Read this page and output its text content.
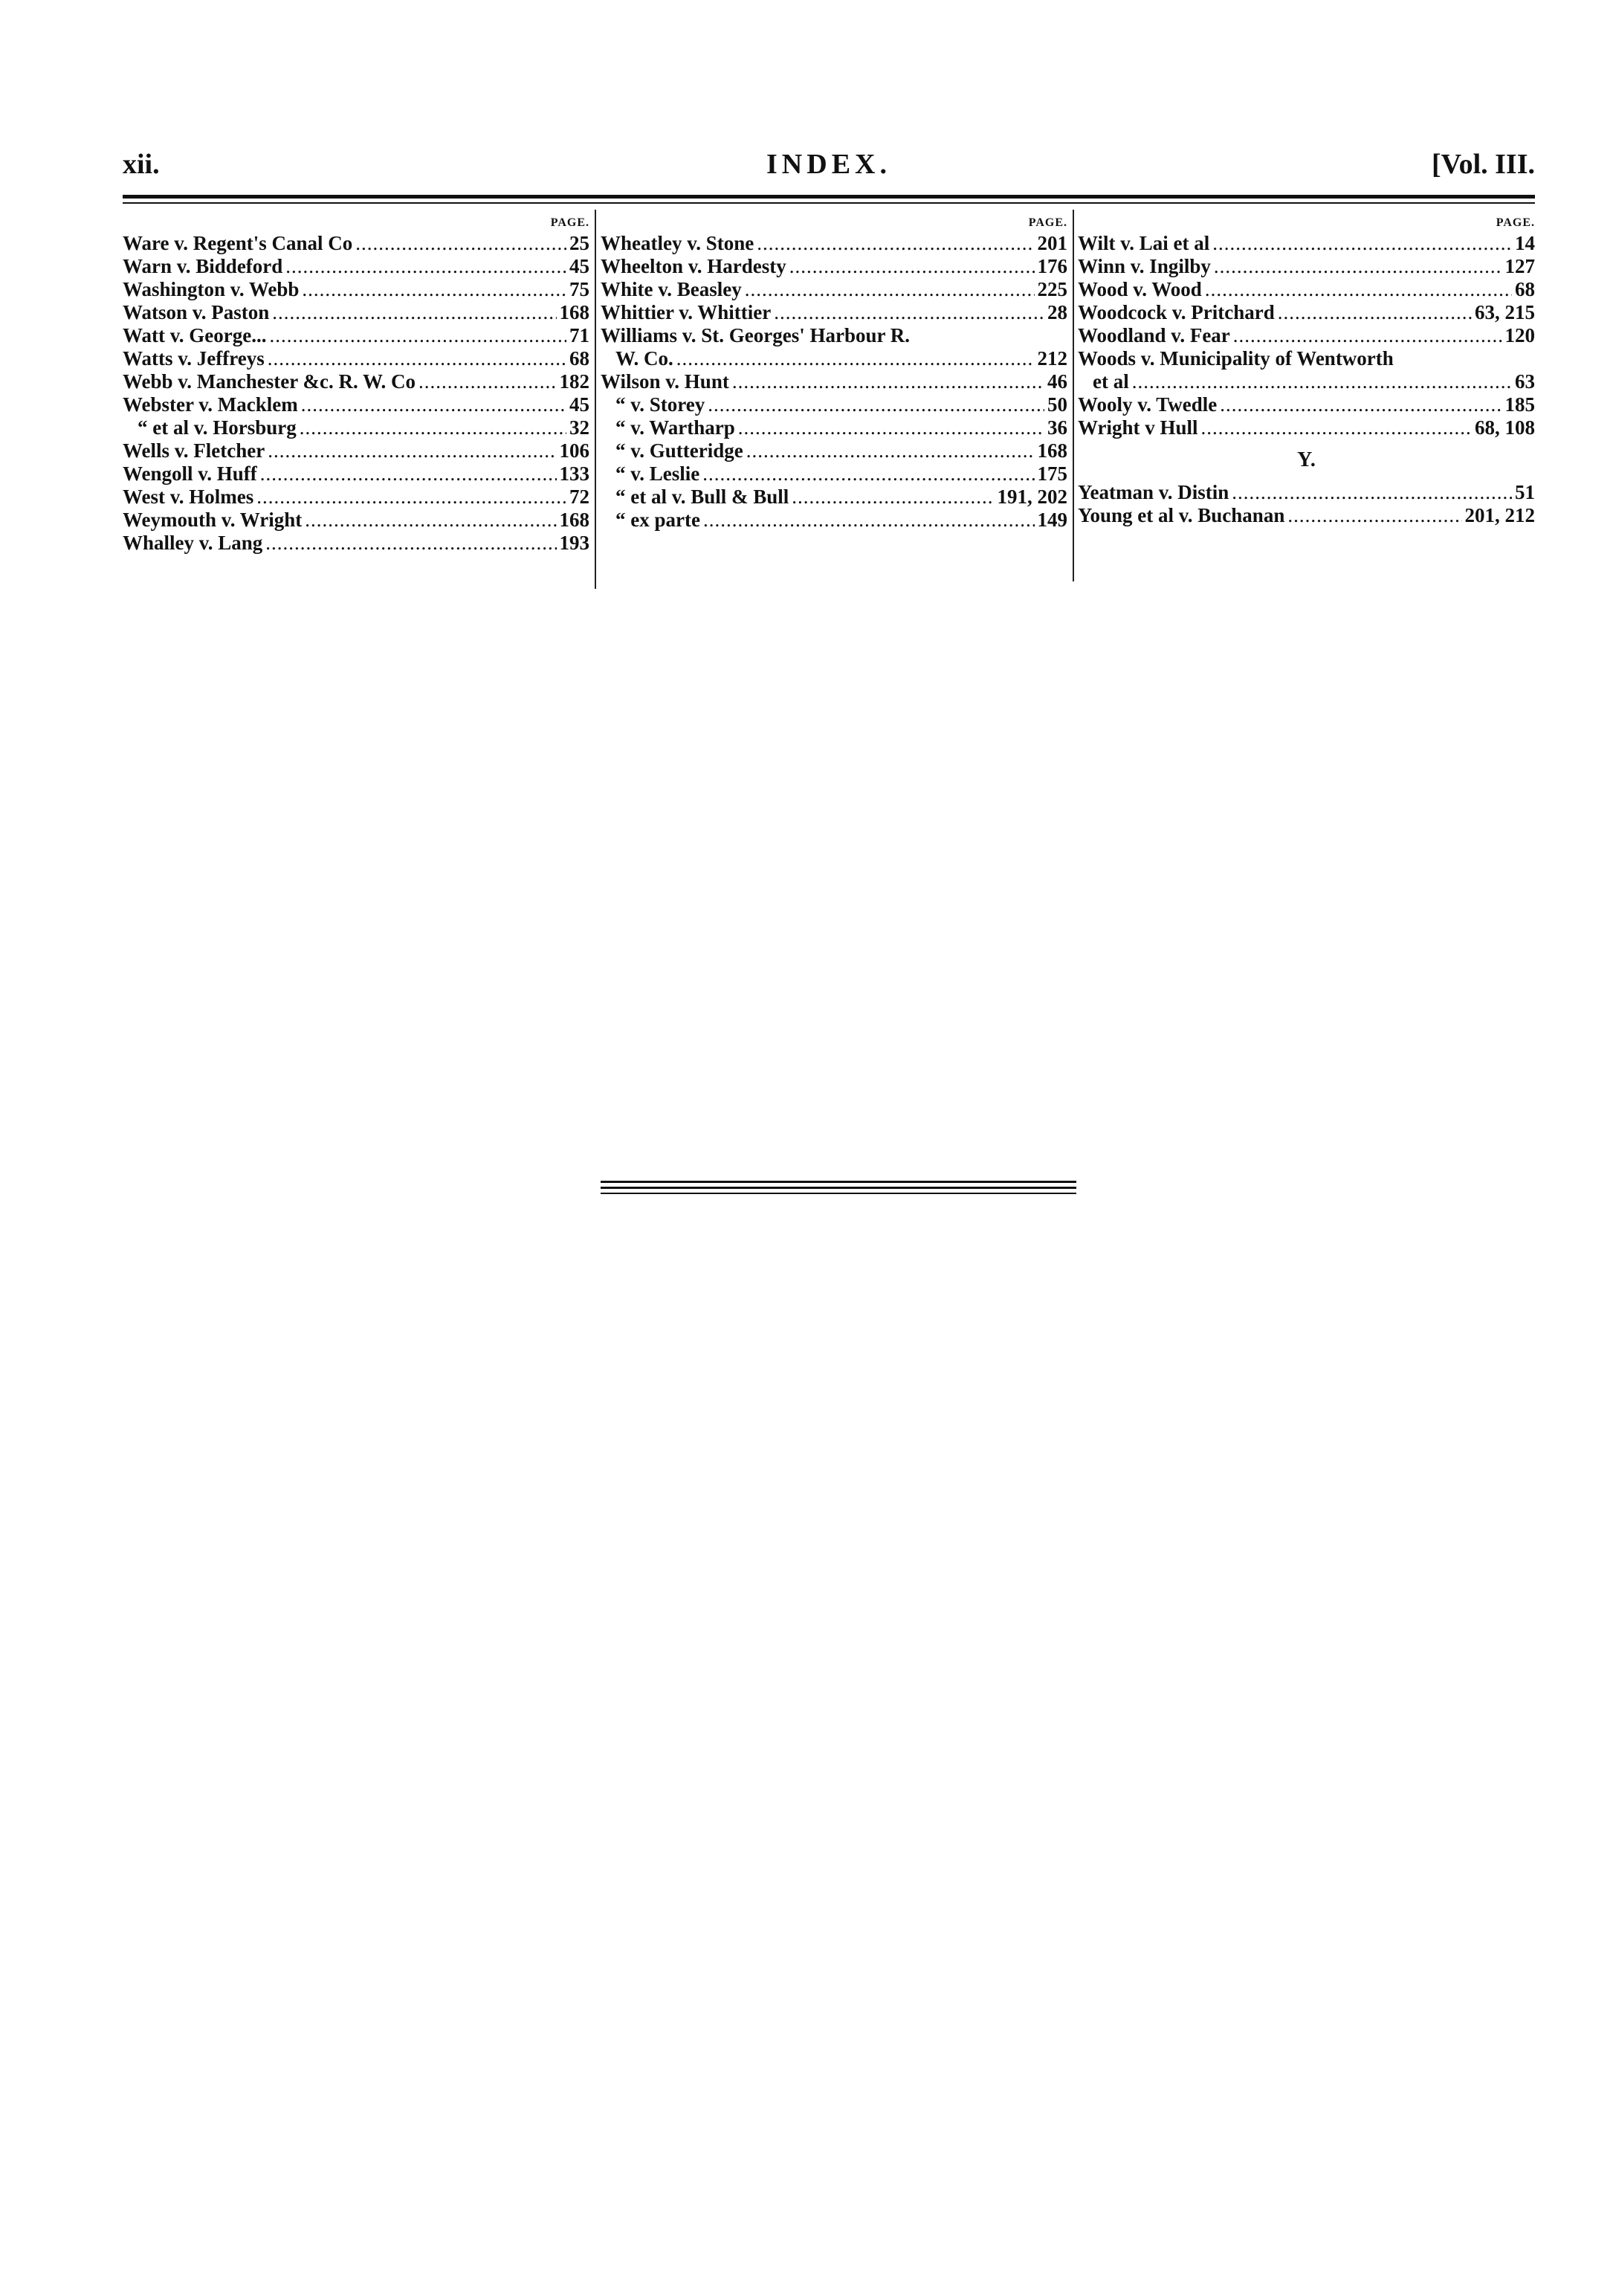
xii.	INDEX.	[Vol. III.
PAGE.
Ware v. Regent's Canal Co .....	25
Warn v. Biddeford .....	45
Washington v. Webb .....	75
Watson v. Paston .....	168
Watt v. George... .....	71
Watts v. Jeffreys .....	68
Webb v. Manchester &c. R. W. Co .....	182
Webster v. Macklem .....	45
“ et al v. Horsburg .....	32
Wells v. Fletcher .....	106
Wengoll v. Huff .....	133
West v. Holmes .....	72
Weymouth v. Wright .....	168
Whalley v. Lang .....	193
PAGE.
Wheatley v. Stone .....	201
Wheelton v. Hardesty .....	176
White v. Beasley .....	225
Whittier v. Whittier .....	28
Williams v. St. Georges' Harbour R.
W. Co. .....	212
Wilson v. Hunt .....	46
“ v. Storey .....	50
“ v. Wartharp .....	36
“ v. Gutteridge .....	168
“ v. Leslie .....	175
“ et al v. Bull & Bull .....	191, 202
“ ex parte .....	149
PAGE.
Wilt v. Lai et al .....	14
Winn v. Ingilby .....	127
Wood v. Wood .....	68
Woodcock v. Pritchard .....	63, 215
Woodland v. Fear .....	120
Woods v. Municipality of Wentworth
et al .....	63
Wooly v. Twedle .....	185
Wright v Hull .....	68, 108
Y.
Yeatman v. Distin .....	51
Young et al v. Buchanan .....	201, 212
